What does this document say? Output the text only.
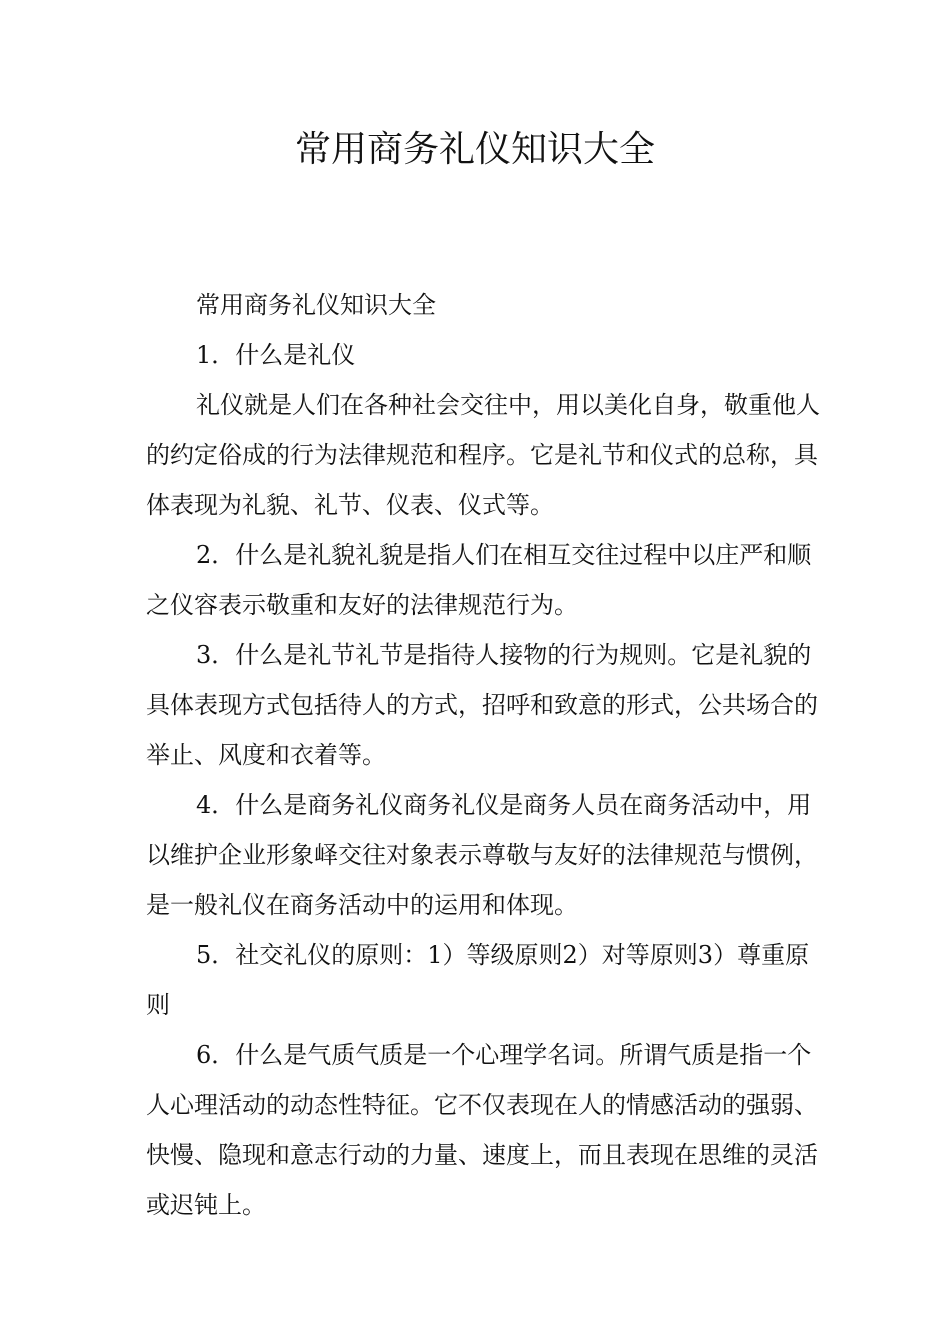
常用商务礼仪知识大全

常用商务礼仪知识大全

1．什么是礼仪

礼仪就是人们在各种社会交往中，用以美化自身，敬重他人的约定俗成的行为法律规范和程序。它是礼节和仪式的总称，具体表现为礼貌、礼节、仪表、仪式等。

2．什么是礼貌礼貌是指人们在相互交往过程中以庄严和顺之仪容表示敬重和友好的法律规范行为。

3．什么是礼节礼节是指待人接物的行为规则。它是礼貌的具体表现方式包括待人的方式，招呼和致意的形式，公共场合的举止、风度和衣着等。

4．什么是商务礼仪商务礼仪是商务人员在商务活动中，用以维护企业形象峄交往对象表示尊敬与友好的法律规范与惯例，是一般礼仪在商务活动中的运用和体现。

5．社交礼仪的原则：1）等级原则2）对等原则3）尊重原则

6．什么是气质气质是一个心理学名词。所谓气质是指一个人心理活动的动态性特征。它不仅表现在人的情感活动的强弱、快慢、隐现和意志行动的力量、速度上，而且表现在思维的灵活或迟钝上。
